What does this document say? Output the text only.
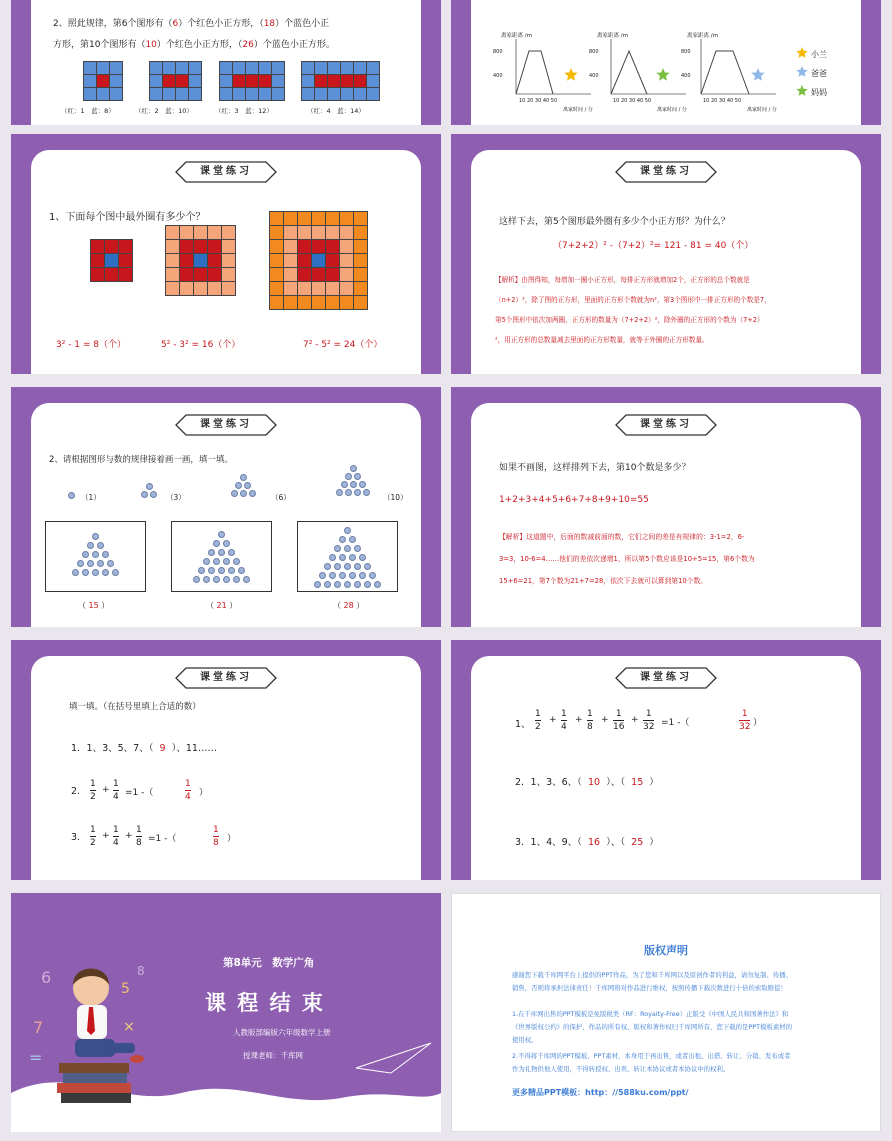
2、照此规律，第6个图形有（6）个红色小正方形，（18）个蓝色小正
方形，第10个图形有（10）个红色小正方形，（26）个蓝色小正方形。
（红：1　蓝：8）	（红：2　蓝：10）	（红：3　蓝：12）	（红：4　蓝：14）
离家距离 /m	离家距离 /m	离家距离 /m
800
400
800
400
800
400
10 20 30 40 50	10 20 30 40 50	10 20 30 40 50
离家时间 / 分	离家时间 / 分	离家时间 / 分
小兰
爸爸
妈妈
课堂练习
1、下面每个图中最外圈有多少个？
3² - 1 = 8（个）	5² - 3² = 16（个）	7² - 5² = 24（个）
课堂练习
这样下去，第5个图形最外圈有多少个小正方形？为什么？
（7+2+2）² -（7+2）²= 121 - 81 = 40（个）
【解析】由图得知，每增加一圈小正方形，每排正方形就增加2个，正方形的总个数就是
（n+2）²，除了图的正方形，里面的正方形个数就为n²，第3个图形中一排正方形的个数是7，
第5个图形中依次加两圈，正方形的数量为（7+2+2）²，除外圈的正方形的个数为（7+2）
²，用正方形的总数量减去里面的正方形数量，就等于外圈的正方形数量。
课堂练习
2、请根据图形与数的规律接着画一画，填一填。
（1）	（3）	（6）	（10）
（ 15 ）	（ 21 ）	（ 28 ）
课堂练习
如果不画图，这样排列下去，第10个数是多少？
1+2+3+4+5+6+7+8+9+10=55
【解析】这道题中，后面的数减前面的数，它们之间的差是有规律的：3-1=2，6-
3=3，10-6=4……他们的差依次递增1，所以第5个数应该是10+5=15，第6个数为
15+6=21，第7个数为21+7=28，依次下去就可以算到第10个数。
课堂练习
填一填。（在括号里填上合适的数）
1．1、3、5、7、（ 9 ）、11……
2.
1
2
+
1
4 =1 -（
1
4 ）
3.
1
2
+
1
4
+
1
8 =1 -（
1
8 ）
课堂练习
1、
1
2
+
1
4
+
1
8
+
1
16
+
1
32 =1 -（
1
32 ）
2．1、3、6、（ 10  ）、（  15  ）
3．1、4、9、（ 16  ）、（  25  ）
6
5
7
8
=
×
第8单元　数学广角
课 程 结 束
人教版部编版六年级数学上册
授课老师：千库网
版权声明
感谢您下载千库网平台上提供的PPT作品，为了您和千库网以及原创作者的利益，请勿复制、传播、
销售，否则将承担法律责任！千库网将对作品进行维权，按照传播下载次数进行十倍的索取赔偿！
1.在千库网出售的PPT模板是免版税类（RF：Royalty-Free）正版受《中国人民共和国著作法》和
《世界版权公约》的保护，作品的所有权、版权和著作权归千库网所有，您下载的是PPT模板素材的
使用权。
2.不得将千库网的PPT模板、PPT素材，本身用于再出售，或者出租、出借、转让、分销、发布或者
作为礼物供他人使用，不得转授权、出卖、转让本协议或者本协议中的权利。
更多精品PPT模板：http：//588ku.com/ppt/
